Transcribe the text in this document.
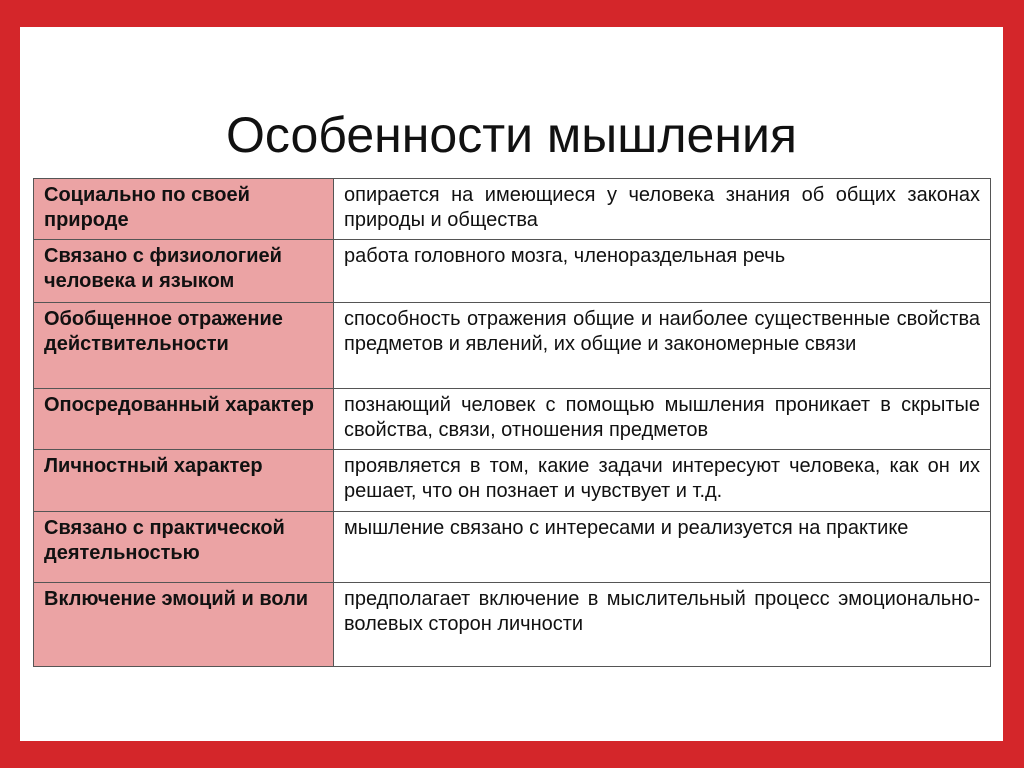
Особенности мышления
Социально по своей природе	опирается на имеющиеся у человека знания об общих законах природы и общества
Связано с физиологией человека и языком	работа головного мозга, членораздельная речь
Обобщенное отражение действительности	способность отражения общие и наиболее существенные свойства предметов и явлений, их общие и закономерные связи
Опосредованный характер	познающий человек с помощью мышления проникает в скрытые свойства, связи, отношения предметов
Личностный характер	проявляется в том, какие задачи интересуют человека, как он их решает, что он познает и чувствует и т.д.
Связано с практической деятельностью	мышление связано с интересами и реализуется на практике
Включение эмоций и воли	предполагает включение в мыслительный процесс эмоционально-волевых сторон личности
